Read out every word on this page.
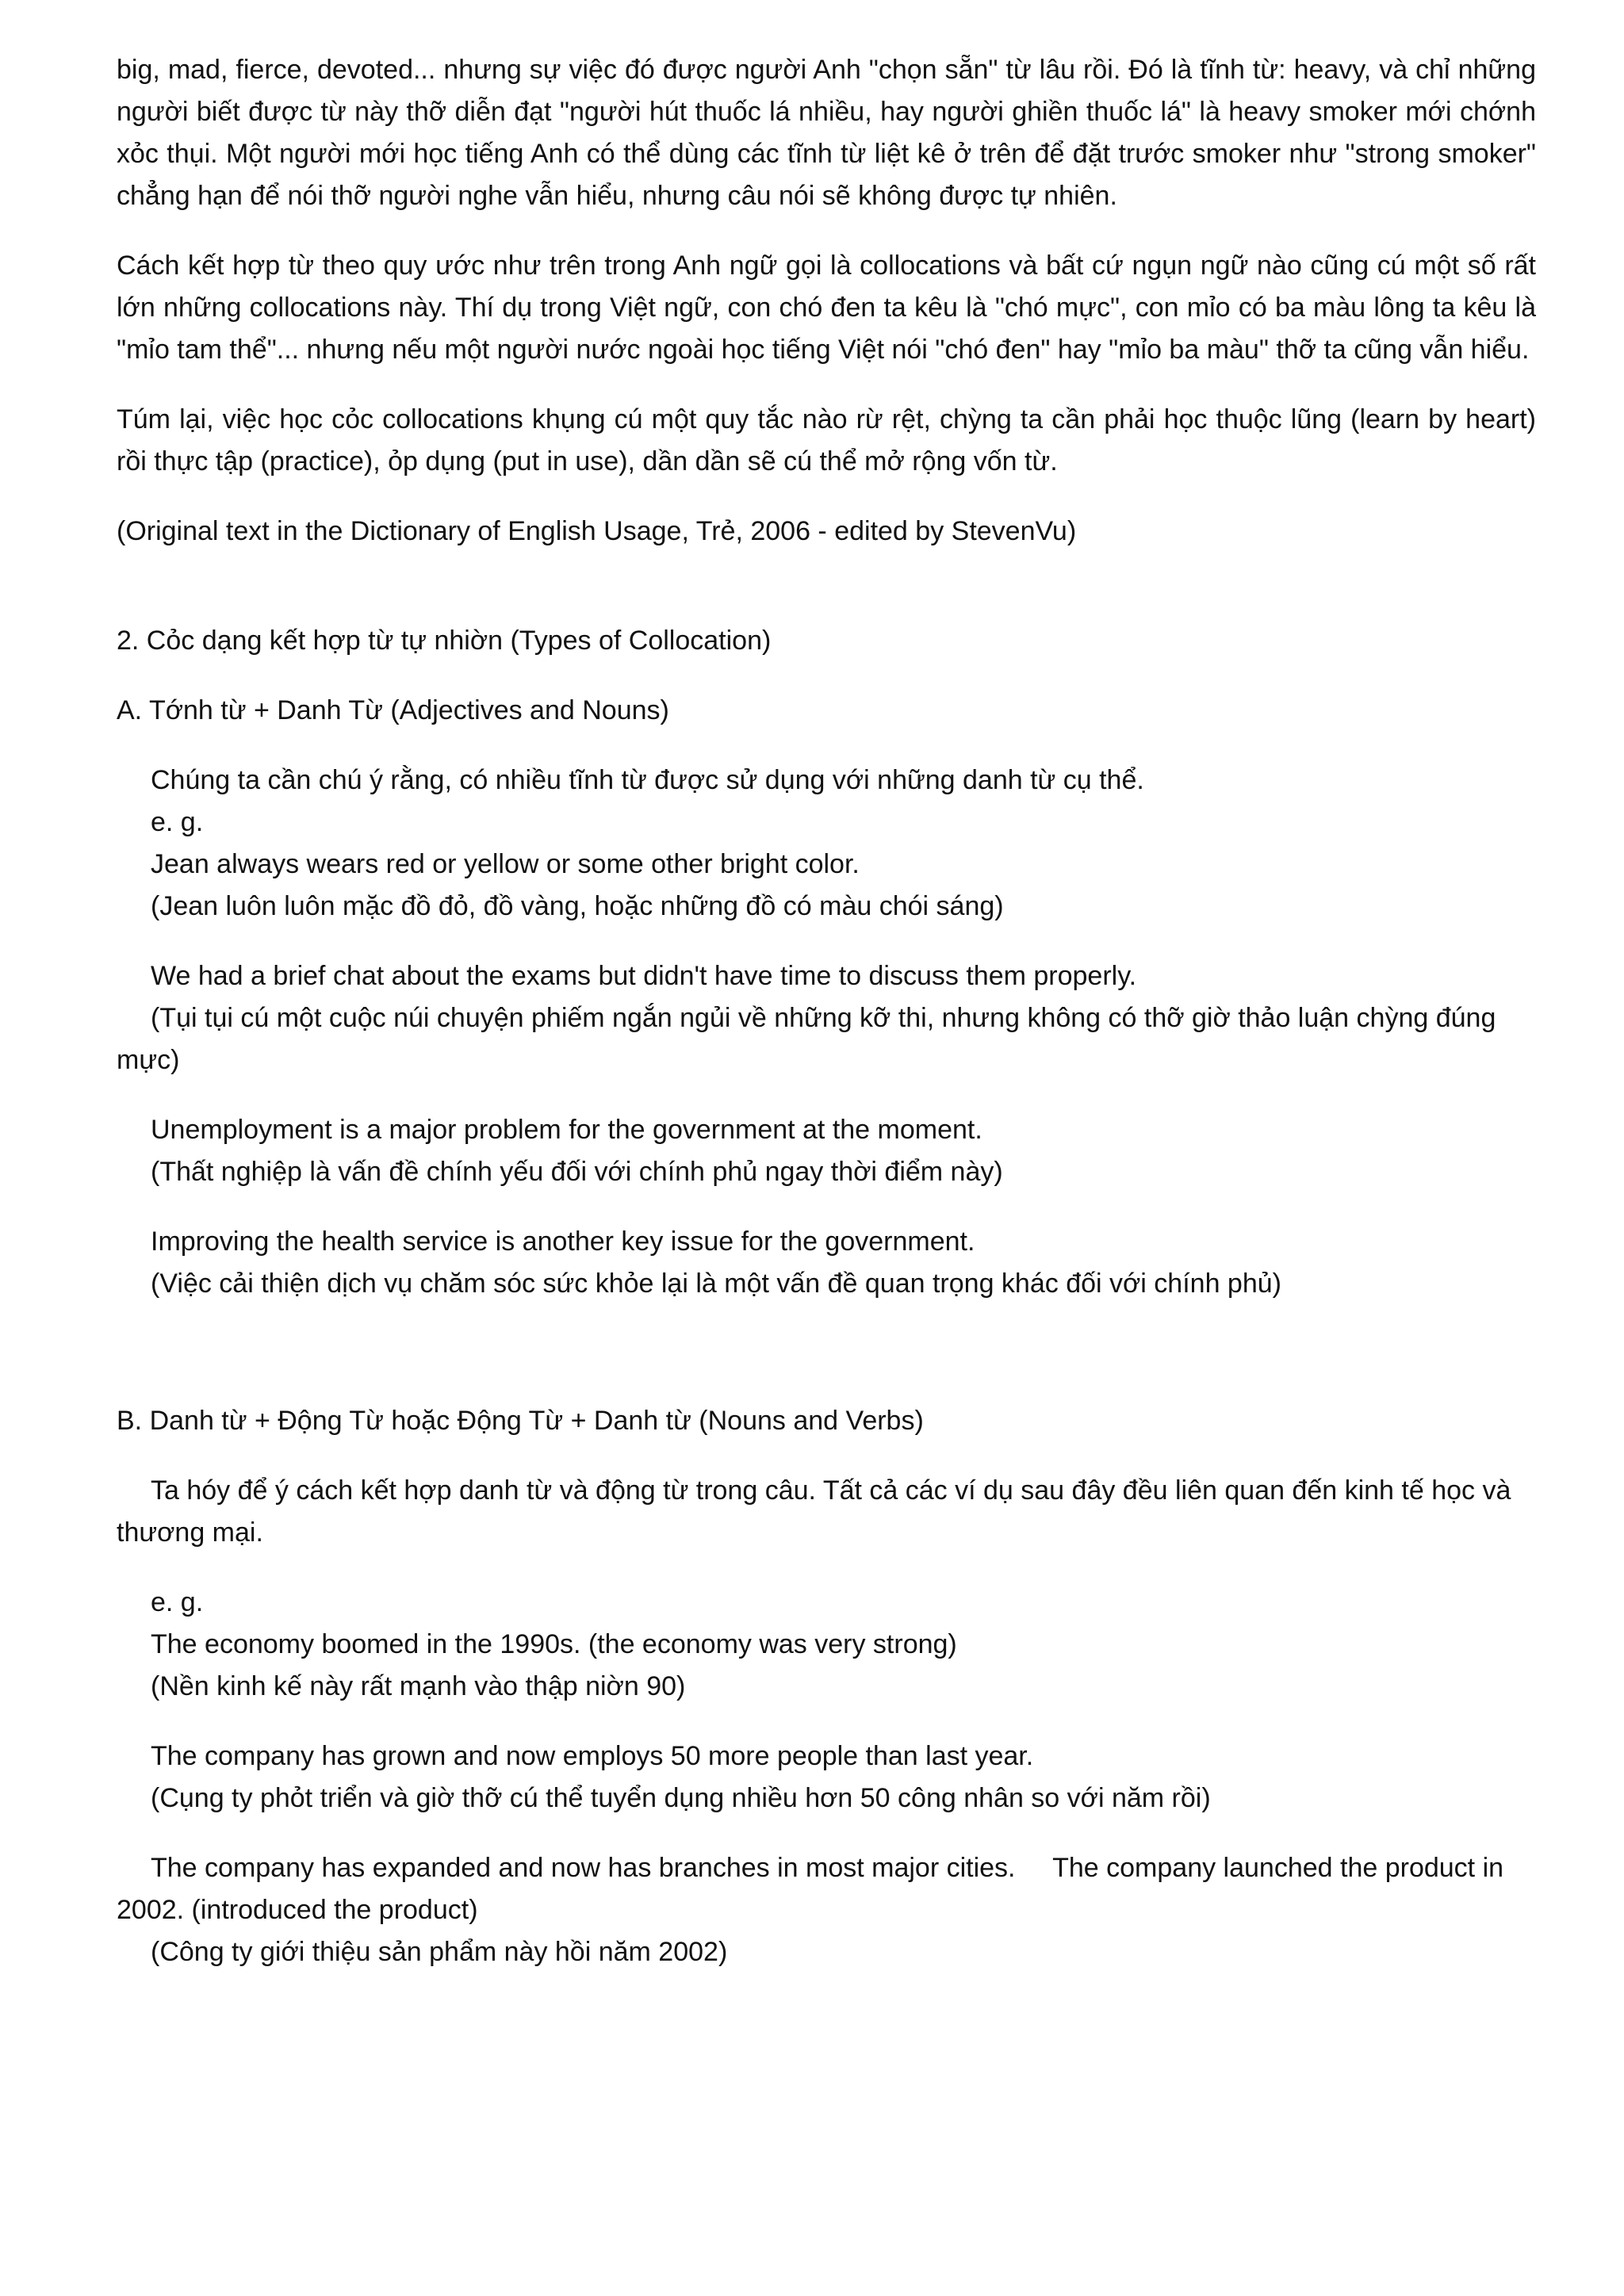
big, mad, fierce, devoted... nhưng sự việc đó được người Anh "chọn sẵn" từ lâu rồi. Đó là tĩnh từ: heavy, và chỉ những người biết được từ này thỡ diễn đạt "người hút thuốc lá nhiều, hay người ghiền thuốc lá" là heavy smoker mới chớnh xỏc thụi. Một người mới học tiếng Anh có thể dùng các tĩnh từ liệt kê ở trên để đặt trước smoker như "strong smoker" chẳng hạn để nói thỡ người nghe vẫn hiểu, nhưng câu nói sẽ không được tự nhiên.

Cách kết hợp từ theo quy ước như trên trong Anh ngữ gọi là collocations và bất cứ ngụn ngữ nào cũng cú một số rất lớn những collocations này. Thí dụ trong Việt ngữ, con chó đen ta kêu là "chó mực", con mỉo có ba màu lông ta kêu là "mỉo tam thể"... nhưng nếu một người nước ngoài học tiếng Việt nói "chó đen" hay "mỉo ba màu" thỡ ta cũng vẫn hiểu.

Túm lại, việc học cỏc collocations khụng cú một quy tắc nào rừ rệt, chỳng ta cần phải học thuộc lũng (learn by heart) rồi thực tập (practice), ỏp dụng (put in use), dần dần sẽ cú thể mở rộng vốn từ.

(Original text in the Dictionary of English Usage, Trẻ, 2006 - edited by StevenVu)

2. Cỏc dạng kết hợp từ tự nhiờn (Types of Collocation)

A. Tớnh từ + Danh Từ (Adjectives and Nouns)

Chúng ta cần chú ý rằng, có nhiều tĩnh từ được sử dụng với những danh từ cụ thể.
e. g.
Jean always wears red or yellow or some other bright color.
(Jean luôn luôn mặc đồ đỏ, đồ vàng, hoặc những đồ có màu chói sáng)
We had a brief chat about the exams but didn't have time to discuss them properly.
(Tụi tụi cú một cuộc núi chuyện phiếm ngắn ngủi về những kỡ thi, nhưng không có thỡ giờ thảo luận chỳng đúng mực)
Unemployment is a major problem for the government at the moment.
(Thất nghiệp là vấn đề chính yếu đối với chính phủ ngay thời điểm này)
Improving the health service is another key issue for the government.
(Việc cải thiện dịch vụ chăm sóc sức khỏe lại là một vấn đề quan trọng khác đối với chính phủ)

B. Danh từ + Động Từ hoặc Động Từ + Danh từ (Nouns and Verbs)

Ta hóy để ý cách kết hợp danh từ và động từ trong câu. Tất cả các ví dụ sau đây đều liên quan đến kinh tế học và thương mại.

e. g.
The economy boomed in the 1990s. (the economy was very strong)
(Nền kinh kế này rất mạnh vào thập niờn 90)
The company has grown and now employs 50 more people than last year.
(Cụng ty phỏt triển và giờ thỡ cú thể tuyển dụng nhiều hơn 50 công nhân so với năm rồi)
The company has expanded and now has branches in most major cities.     The company launched the product in 2002. (introduced the product)
(Công ty giới thiệu sản phẩm này hồi năm 2002)
